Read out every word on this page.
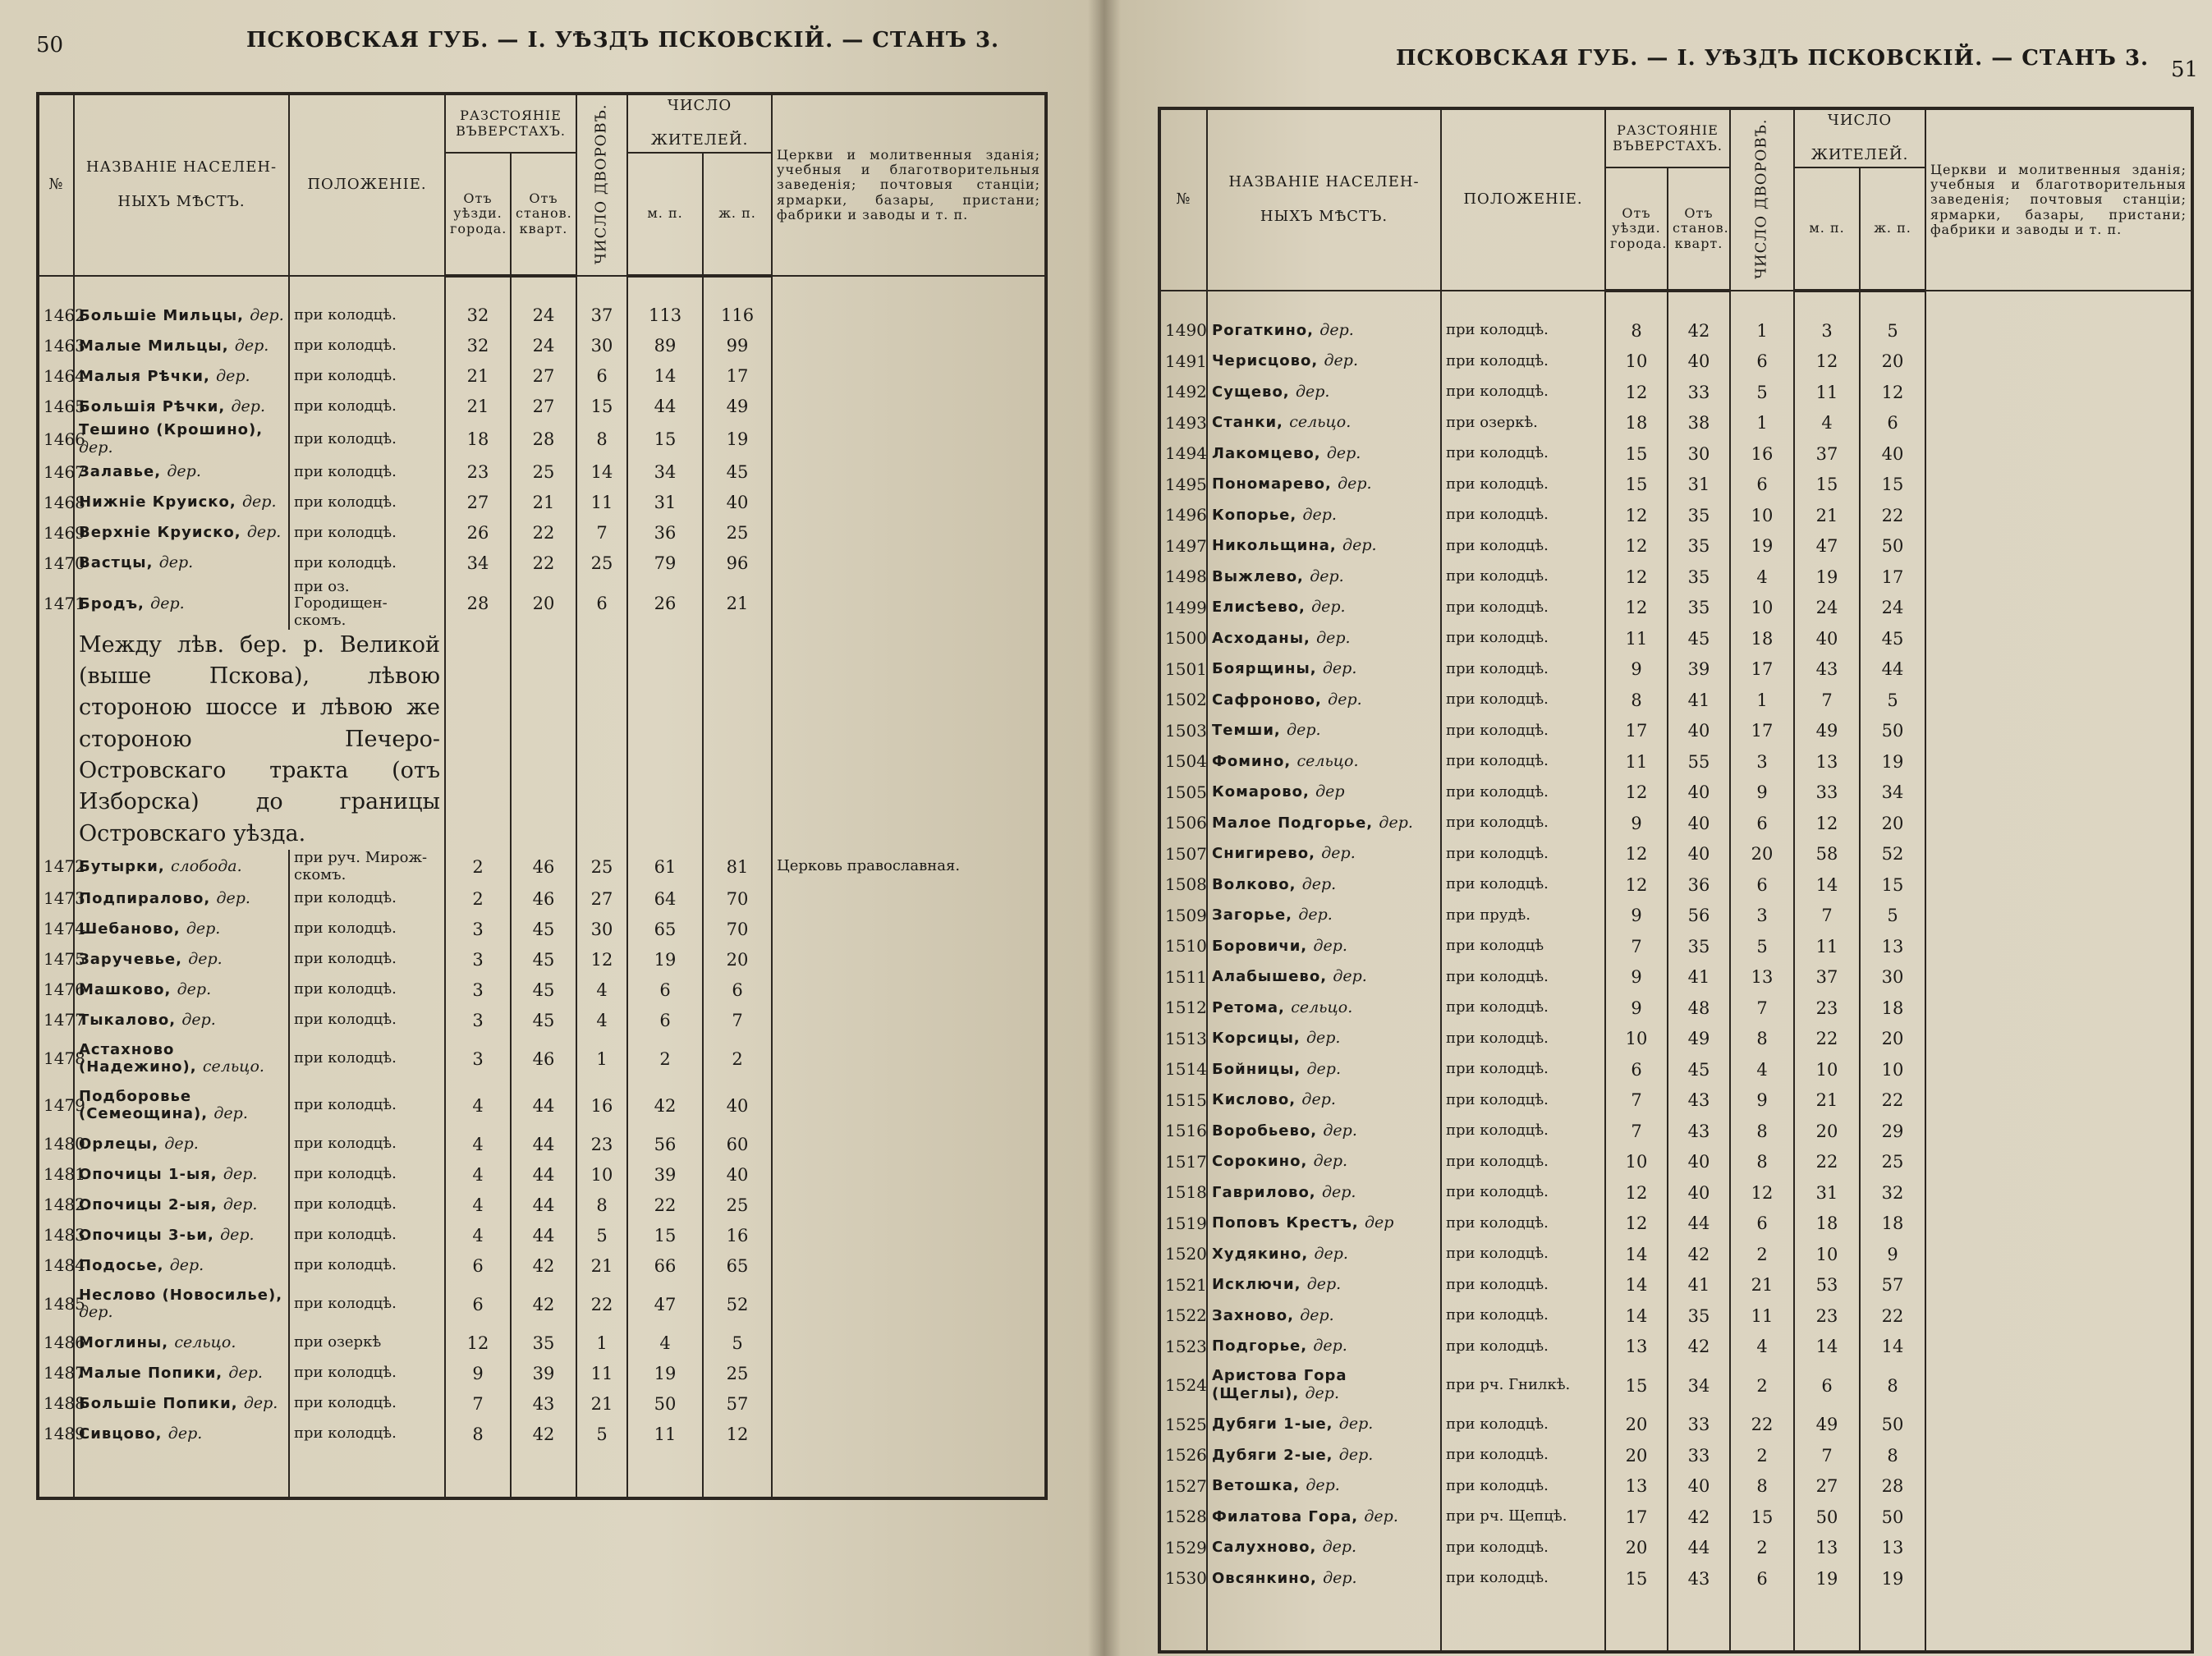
50	ПСКОВСКАЯ ГУБ. — I. УѢЗДЪ ПСКОВСКІЙ. — СТАНЪ 3.
№	НАЗВАНІЕ НАСЕЛЕН-

НЫХЪ МѢСТЪ.	ПОЛОЖЕНІЕ.	РАЗСТОЯНІЕ ВЪВЕРСТАХЪ.		ЧИСЛО ДВОРОВЪ.	ЧИСЛО

ЖИТЕЛЕЙ.		Церкви и молитвенныя зданія; учебныя и благотворительныя заведенія; почтовыя станціи; ярмарки, базары, пристани; фабрики и заводы и т. п.
			Отъ уѣзди. города.	Отъ станов. кварт.		м. п.	ж. п.	

1462	Большіе Мильцы, дер.	при колодцѣ.	32	24	37	113	116	
1463	Малые Мильцы, дер.	при колодцѣ.	32	24	30	89	99	
1464	Малыя Рѣчки, дер.	при колодцѣ.	21	27	6	14	17	
1465	Большія Рѣчки, дер.	при колодцѣ.	21	27	15	44	49	
1466	Тешино (Крошино), дер.	при колодцѣ.	18	28	8	15	19	
1467	Залавье, дер.	при колодцѣ.	23	25	14	34	45	
1468	Нижніе Круиско, дер.	при колодцѣ.	27	21	11	31	40	
1469	Верхніе Круиско, дер.	при колодцѣ.	26	22	7	36	25	
1470	Вастцы, дер.	при колодцѣ.	34	22	25	79	96	
1471	Бродъ, дер.	при оз. Городищен- скомъ.	28	20	6	26	21	
	Между лѣв. бер. р. Великой (выше Пскова), лѣвою стороною шоссе и лѣвою же стороною Печеро-Островскаго тракта (отъ Изборска) до границы Островскаго уѣзда.							
1472	Бутырки, слобода.	при руч. Мирож- скомъ.	2	46	25	61	81	Церковь православная.
1473	Подпиралово, дер.	при колодцѣ.	2	46	27	64	70	
1474	Шебаново, дер.	при колодцѣ.	3	45	30	65	70	
1475	Заручевье, дер.	при колодцѣ.	3	45	12	19	20	
1476	Машково, дер.	при колодцѣ.	3	45	4	6	6	
1477	Тыкалово, дер.	при колодцѣ.	3	45	4	6	7	
1478	Астахново (Надежино), сельцо.	при колодцѣ.	3	46	1	2	2	
1479	Подборовье (Семеощина), дер.	при колодцѣ.	4	44	16	42	40	
1480	Орлецы, дер.	при колодцѣ.	4	44	23	56	60	
1481	Опочицы 1-ыя, дер.	при колодцѣ.	4	44	10	39	40	
1482	Опочицы 2-ыя, дер.	при колодцѣ.	4	44	8	22	25	
1483	Опочицы 3-ьи, дер.	при колодцѣ.	4	44	5	15	16	
1484	Подосье, дер.	при колодцѣ.	6	42	21	66	65	
1485	Неслово (Новосилье), дер.	при колодцѣ.	6	42	22	47	52	
1486	Моглины, сельцо.	при озеркѣ	12	35	1	4	5	
1487	Малые Попики, дер.	при колодцѣ.	9	39	11	19	25	
1488	Большіе Попики, дер.	при колодцѣ.	7	43	21	50	57	
1489	Сивцово, дер.	при колодцѣ.	8	42	5	11	12	

ПСКОВСКАЯ ГУБ. — I. УѢЗДЪ ПСКОВСКІЙ. — СТАНЪ 3. 51
№	НАЗВАНІЕ НАСЕЛЕН-

НЫХЪ МѢСТЪ.	ПОЛОЖЕНІЕ.	РАЗСТОЯНІЕ ВЪВЕРСТАХЪ.		ЧИСЛО ДВОРОВЪ.	ЧИСЛО

ЖИТЕЛЕЙ.		Церкви и молитвенныя зданія; учебныя и благотворительныя заведенія; почтовыя станціи; ярмарки, базары, пристани; фабрики и заводы и т. п.
			Отъ уѣзди. города.	Отъ станов. кварт.		м. п.	ж. п.	

1490	Рогаткино, дер.	при колодцѣ.	8	42	1	3	5	
1491	Черисцово, дер.	при колодцѣ.	10	40	6	12	20	
1492	Сущево, дер.	при колодцѣ.	12	33	5	11	12	
1493	Станки, сельцо.	при озеркѣ.	18	38	1	4	6	
1494	Лакомцево, дер.	при колодцѣ.	15	30	16	37	40	
1495	Пономарево, дер.	при колодцѣ.	15	31	6	15	15	
1496	Копорье, дер.	при колодцѣ.	12	35	10	21	22	
1497	Никольщина, дер.	при колодцѣ.	12	35	19	47	50	
1498	Выжлево, дер.	при колодцѣ.	12	35	4	19	17	
1499	Елисѣево, дер.	при колодцѣ.	12	35	10	24	24	
1500	Асходаны, дер.	при колодцѣ.	11	45	18	40	45	
1501	Боярщины, дер.	при колодцѣ.	9	39	17	43	44	
1502	Сафроново, дер.	при колодцѣ.	8	41	1	7	5	
1503	Темши, дер.	при колодцѣ.	17	40	17	49	50	
1504	Фомино, сельцо.	при колодцѣ.	11	55	3	13	19	
1505	Комарово, дер	при колодцѣ.	12	40	9	33	34	
1506	Малое Подгорье, дер.	при колодцѣ.	9	40	6	12	20	
1507	Снигирево, дер.	при колодцѣ.	12	40	20	58	52	
1508	Волково, дер.	при колодцѣ.	12	36	6	14	15	
1509	Загорье, дер.	при прудѣ.	9	56	3	7	5	
1510	Боровичи, дер.	при колодцѣ	7	35	5	11	13	
1511	Алабышево, дер.	при колодцѣ.	9	41	13	37	30	
1512	Ретома, сельцо.	при колодцѣ.	9	48	7	23	18	
1513	Корсицы, дер.	при колодцѣ.	10	49	8	22	20	
1514	Бойницы, дер.	при колодцѣ.	6	45	4	10	10	
1515	Кислово, дер.	при колодцѣ.	7	43	9	21	22	
1516	Воробьево, дер.	при колодцѣ.	7	43	8	20	29	
1517	Сорокино, дер.	при колодцѣ.	10	40	8	22	25	
1518	Гаврилово, дер.	при колодцѣ.	12	40	12	31	32	
1519	Поповъ Крестъ, дер	при колодцѣ.	12	44	6	18	18	
1520	Худякино, дер.	при колодцѣ.	14	42	2	10	9	
1521	Исключи, дер.	при колодцѣ.	14	41	21	53	57	
1522	Захново, дер.	при колодцѣ.	14	35	11	23	22	
1523	Подгорье, дер.	при колодцѣ.	13	42	4	14	14	
1524	Аристова Гора (Щеглы), дер.	при рч. Гнилкѣ.	15	34	2	6	8	
1525	Дубяги 1-ые, дер.	при колодцѣ.	20	33	22	49	50	
1526	Дубяги 2-ые, дер.	при колодцѣ.	20	33	2	7	8	
1527	Ветошка, дер.	при колодцѣ.	13	40	8	27	28	
1528	Филатова Гора, дер.	при рч. Щепцѣ.	17	42	15	50	50	
1529	Салухново, дер.	при колодцѣ.	20	44	2	13	13	
1530	Овсянкино, дер.	при колодцѣ.	15	43	6	19	19	
